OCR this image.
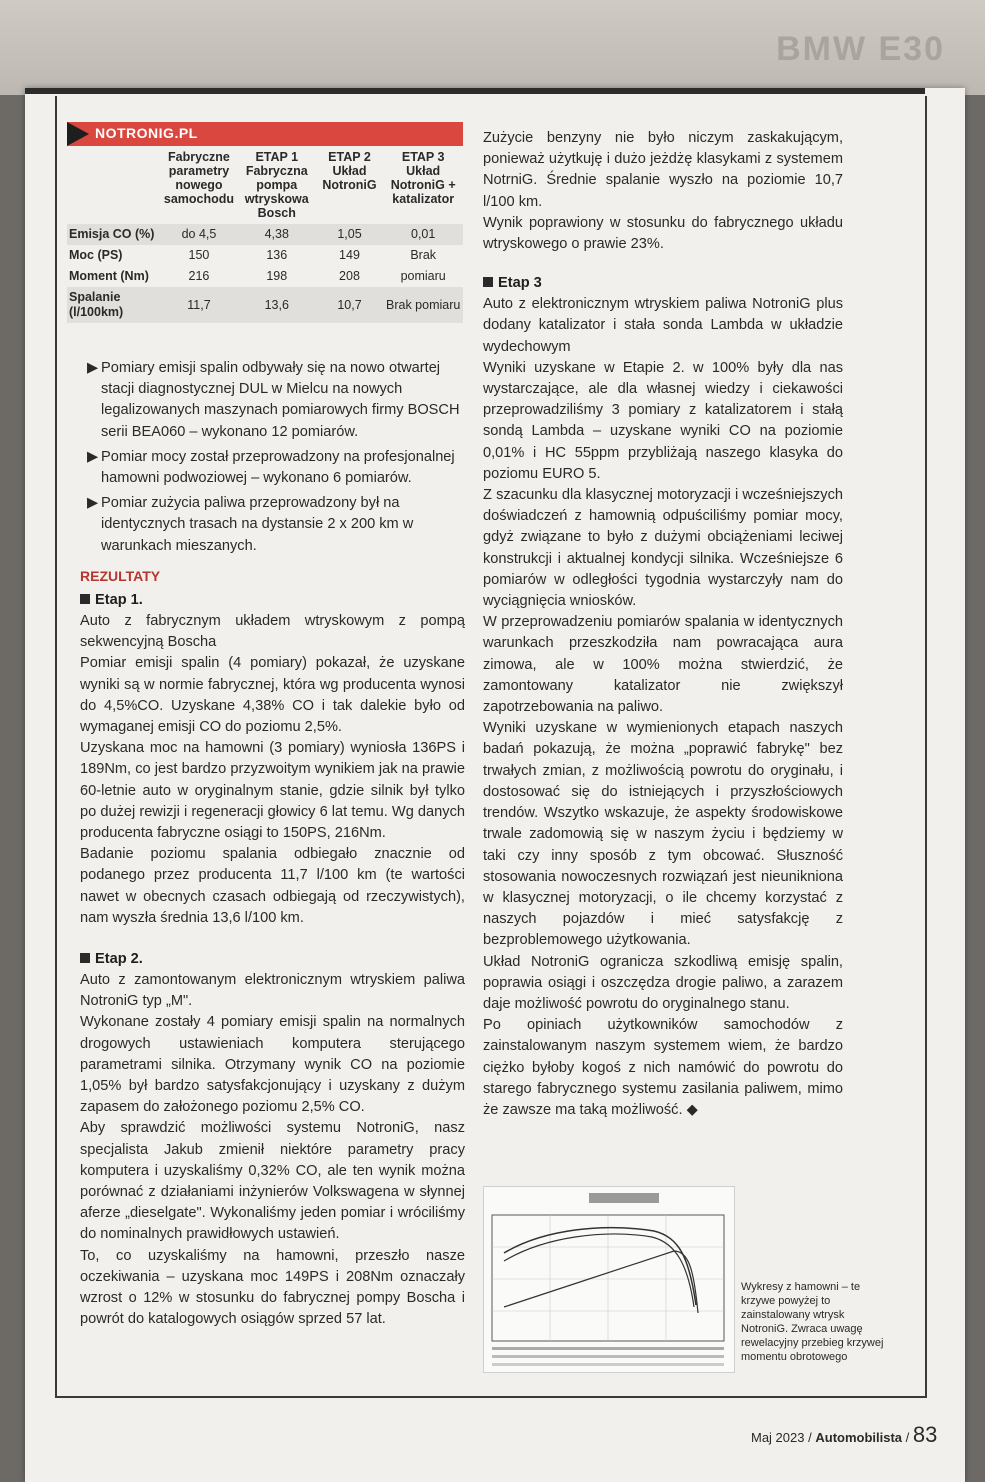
BMW E30
NOTRONIG.PL
	Fabryczne parametry nowego samochodu	ETAP 1 Fabryczna pompa wtryskowa Bosch	ETAP 2 Układ NotroniG	ETAP 3 Układ NotroniG + katalizator
Emisja CO (%)	do 4,5	4,38	1,05	0,01
Moc (PS)	150	136	149	Brak
Moment (Nm)	216	198	208	pomiaru
Spalanie (l/100km)	11,7	13,6	10,7	Brak pomiaru
▶ Pomiary emisji spalin odbywały się na nowo otwartej stacji diagnostycznej DUL w Mielcu na nowych legalizowanych maszynach pomiarowych firmy BOSCH serii BEA060 – wykonano 12 pomiarów.
▶ Pomiar mocy został przeprowadzony na profesjonalnej hamowni podwoziowej – wykonano 6 pomiarów.
▶ Pomiar zużycia paliwa przeprowadzony był na identycznych trasach na dystansie 2 x 200 km w warunkach mieszanych.
REZULTATY
Etap 1.

Auto z fabrycznym układem wtryskowym z pompą sekwencyjną Boscha

Pomiar emisji spalin (4 pomiary) pokazał, że uzyskane wyniki są w normie fabrycznej, która wg producenta wynosi do 4,5%CO. Uzyskane 4,38% CO i tak dalekie było od wymaganej emisji CO do poziomu 2,5%.

Uzyskana moc na hamowni (3 pomiary) wyniosła 136PS i 189Nm, co jest bardzo przyzwoitym wynikiem jak na prawie 60-letnie auto w oryginalnym stanie, gdzie silnik był tylko po dużej rewizji i regeneracji głowicy 6 lat temu. Wg danych producenta fabryczne osiągi to 150PS, 216Nm.

Badanie poziomu spalania odbiegało znacznie od podanego przez producenta 11,7 l/100 km (te wartości nawet w obecnych czasach odbiegają od rzeczywistych), nam wyszła średnia 13,6 l/100 km.

Etap 2.

Auto z zamontowanym elektronicznym wtryskiem paliwa NotroniG typ „M".

Wykonane zostały 4 pomiary emisji spalin na normalnych drogowych ustawieniach komputera sterującego parametrami silnika. Otrzymany wynik CO na poziomie 1,05% był bardzo satysfakcjonujący i uzyskany z dużym zapasem do założonego poziomu 2,5% CO.

Aby sprawdzić możliwości systemu NotroniG, nasz specjalista Jakub zmienił niektóre parametry pracy komputera i uzyskaliśmy 0,32% CO, ale ten wynik można porównać z działaniami inżynierów Volkswagena w słynnej aferze „dieselgate". Wykonaliśmy jeden pomiar i wróciliśmy do nominalnych prawidłowych ustawień.

To, co uzyskaliśmy na hamowni, przeszło nasze oczekiwania – uzyskana moc 149PS i 208Nm oznaczały wzrost o 12% w stosunku do fabrycznej pompy Boscha i powrót do katalogowych osiągów sprzed 57 lat.

Zużycie benzyny nie było niczym zaskakującym, ponieważ użytkuję i dużo jeżdżę klasykami z systemem NotrniG. Średnie spalanie wyszło na poziomie 10,7 l/100 km.

Wynik poprawiony w stosunku do fabrycznego układu wtryskowego o prawie 23%.

Etap 3

Auto z elektronicznym wtryskiem paliwa NotroniG plus dodany katalizator i stała sonda Lambda w układzie wydechowym

Wyniki uzyskane w Etapie 2. w 100% były dla nas wystarczające, ale dla własnej wiedzy i ciekawości przeprowadziliśmy 3 pomiary z katalizatorem i stałą sondą Lambda – uzyskane wyniki CO na poziomie 0,01% i HC 55ppm przybliżają naszego klasyka do poziomu EURO 5.

Z szacunku dla klasycznej motoryzacji i wcześniejszych doświadczeń z hamownią odpuściliśmy pomiar mocy, gdyż związane to było z dużymi obciążeniami leciwej konstrukcji i aktualnej kondycji silnika. Wcześniejsze 6 pomiarów w odległości tygodnia wystarczyły nam do wyciągnięcia wniosków.

W przeprowadzeniu pomiarów spalania w identycznych warunkach przeszkodziła nam powracająca aura zimowa, ale w 100% można stwierdzić, że zamontowany katalizator nie zwiększył zapotrzebowania na paliwo.

Wyniki uzyskane w wymienionych etapach naszych badań pokazują, że można „poprawić fabrykę" bez trwałych zmian, z możliwością powrotu do oryginału, i dostosować się do istniejących i przyszłościowych trendów. Wszytko wskazuje, że aspekty środowiskowe trwale zadomowią się w naszym życiu i będziemy w taki czy inny sposób z tym obcować. Słuszność stosowania nowoczesnych rozwiązań jest nieunikniona w klasycznej motoryzacji, o ile chcemy korzystać z naszych pojazdów i mieć satysfakcję z bezproblemowego użytkowania.

Układ NotroniG ogranicza szkodliwą emisję spalin, poprawia osiągi i oszczędza drogie paliwo, a zarazem daje możliwość powrotu do oryginalnego stanu.

Po opiniach użytkowników samochodów z zainstalowanym naszym systemem wiem, że bardzo ciężko byłoby kogoś z nich namówić do powrotu do starego fabrycznego systemu zasilania paliwem, mimo że zawsze ma taką możliwość. ◆

Wykresy z hamowni – te krzywe powyżej to zainstalowany wtrysk NotroniG. Zwraca uwagę rewelacyjny przebieg krzywej momentu obrotowego
Maj 2023 / Automobilista / 83
